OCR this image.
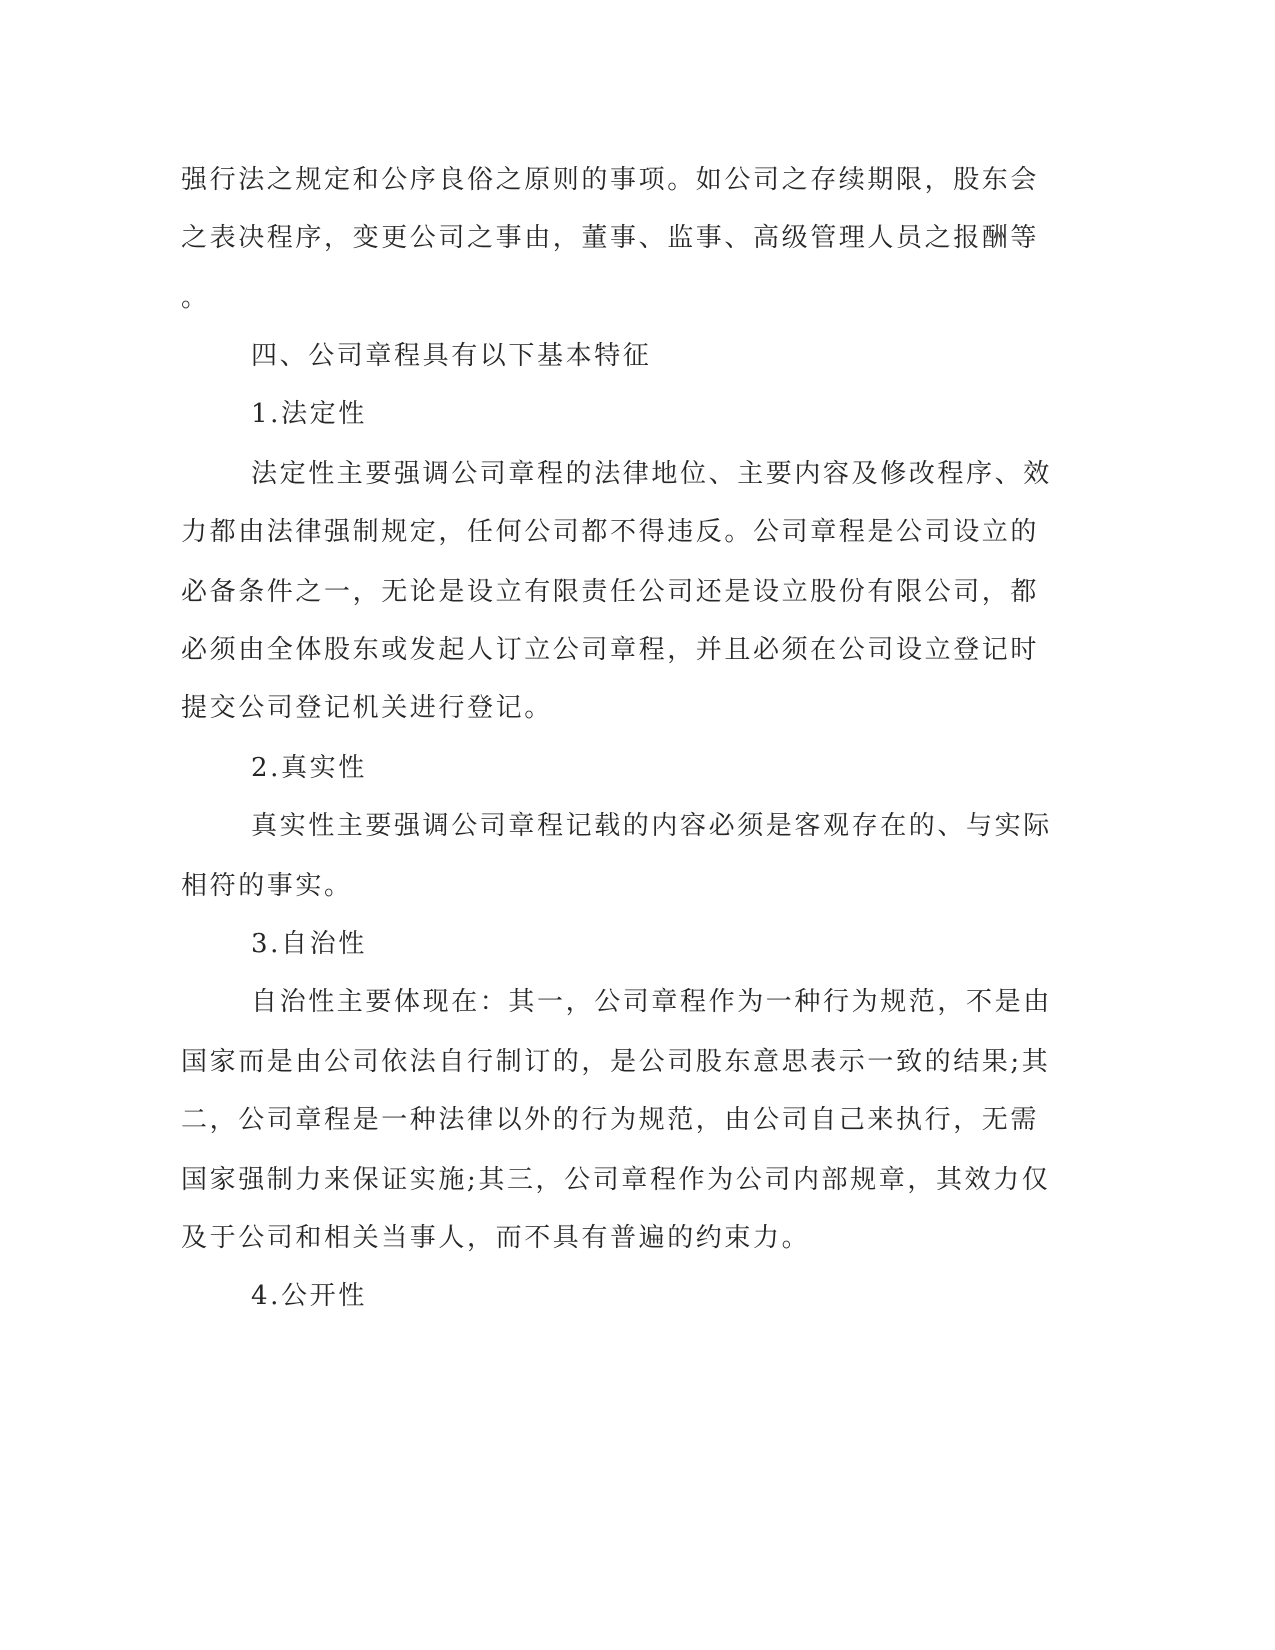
强行法之规定和公序良俗之原则的事项。如公司之存续期限，股东会
之表决程序，变更公司之事由，董事、监事、高级管理人员之报酬等
。
四、公司章程具有以下基本特征
1.法定性
法定性主要强调公司章程的法律地位、主要内容及修改程序、效
力都由法律强制规定，任何公司都不得违反。公司章程是公司设立的
必备条件之一，无论是设立有限责任公司还是设立股份有限公司，都
必须由全体股东或发起人订立公司章程，并且必须在公司设立登记时
提交公司登记机关进行登记。
2.真实性
真实性主要强调公司章程记载的内容必须是客观存在的、与实际
相符的事实。
3.自治性
自治性主要体现在：其一，公司章程作为一种行为规范，不是由
国家而是由公司依法自行制订的，是公司股东意思表示一致的结果;其
二，公司章程是一种法律以外的行为规范，由公司自己来执行，无需
国家强制力来保证实施;其三，公司章程作为公司内部规章，其效力仅
及于公司和相关当事人，而不具有普遍的约束力。
4.公开性
